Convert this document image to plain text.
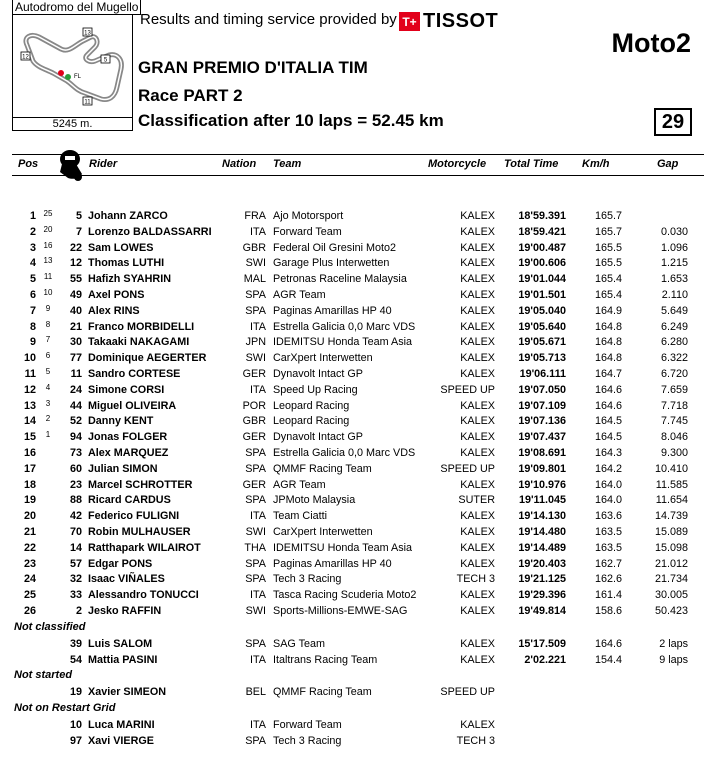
13
12	5
FL
11
Autodromo del Mugello
5245 m.
Results and timing service provided by T+ TISSOT
Moto2
GRAN PREMIO D'ITALIA TIM
Race PART 2
Classification after 10 laps = 52.45 km	29
Pos	Rider	Nation Team	Motorcycle Total Time Km/h	Gap
1 25	5 Johann ZARCO	FRA Ajo Motorsport	KALEX	18'59.391	165.7
2 20	7 Lorenzo BALDASSARRI	ITA Forward Team	KALEX	18'59.421	165.7	0.030
3 16	22 Sam LOWES	GBR Federal Oil Gresini Moto2	KALEX	19'00.487	165.5	1.096
4 13	12 Thomas LUTHI	SWI Garage Plus Interwetten	KALEX	19'00.606	165.5	1.215
5 11	55 Hafizh SYAHRIN	MAL Petronas Raceline Malaysia	KALEX	19'01.044	165.4	1.653
6 10	49 Axel PONS	SPA AGR Team	KALEX	19'01.501	165.4	2.110
7	9	40 Alex RINS	SPA Paginas Amarillas HP 40	KALEX	19'05.040	164.9	5.649
8	8	21 Franco MORBIDELLI	ITA Estrella Galicia 0,0 Marc VDS	KALEX	19'05.640	164.8	6.249
9	7	30 Takaaki NAKAGAMI	JPN IDEMITSU Honda Team Asia	KALEX	19'05.671	164.8	6.280
10	6	77 Dominique AEGERTER	SWI CarXpert Interwetten	KALEX	19'05.713	164.8	6.322
11	5	11 Sandro CORTESE	GER Dynavolt Intact GP	KALEX	19'06.111	164.7	6.720
12	4	24 Simone CORSI	ITA Speed Up Racing	SPEED UP	19'07.050	164.6	7.659
13	3	44 Miguel OLIVEIRA	POR Leopard Racing	KALEX	19'07.109	164.6	7.718
14	2	52 Danny KENT	GBR Leopard Racing	KALEX	19'07.136	164.5	7.745
15	1	94 Jonas FOLGER	GER Dynavolt Intact GP	KALEX	19'07.437	164.5	8.046
16	73 Alex MARQUEZ	SPA Estrella Galicia 0,0 Marc VDS	KALEX	19'08.691	164.3	9.300
17	60 Julian SIMON	SPA QMMF Racing Team	SPEED UP	19'09.801	164.2	10.410
18	23 Marcel SCHROTTER	GER AGR Team	KALEX	19'10.976	164.0	11.585
19	88 Ricard CARDUS	SPA JPMoto Malaysia	SUTER	19'11.045	164.0	11.654
20	42 Federico FULIGNI	ITA Team Ciatti	KALEX	19'14.130	163.6	14.739
21	70 Robin MULHAUSER	SWI CarXpert Interwetten	KALEX	19'14.480	163.5	15.089
22	14 Ratthapark WILAIROT	THA IDEMITSU Honda Team Asia	KALEX	19'14.489	163.5	15.098
23	57 Edgar PONS	SPA Paginas Amarillas HP 40	KALEX	19'20.403	162.7	21.012
24	32 Isaac VIÑALES	SPA Tech 3 Racing	TECH 3	19'21.125	162.6	21.734
25	33 Alessandro TONUCCI	ITA Tasca Racing Scuderia Moto2	KALEX	19'29.396	161.4	30.005
26	2 Jesko RAFFIN	SWI Sports-Millions-EMWE-SAG	KALEX	19'49.814	158.6	50.423
Not classified
39 Luis SALOM	SPA SAG Team	KALEX	15'17.509	164.6	2 laps
54 Mattia PASINI	ITA Italtrans Racing Team	KALEX	2'02.221	154.4	9 laps
Not started
19 Xavier SIMEON	BEL QMMF Racing Team	SPEED UP
Not on Restart Grid
10 Luca MARINI	ITA Forward Team	KALEX
97 Xavi VIERGE	SPA Tech 3 Racing	TECH 3
